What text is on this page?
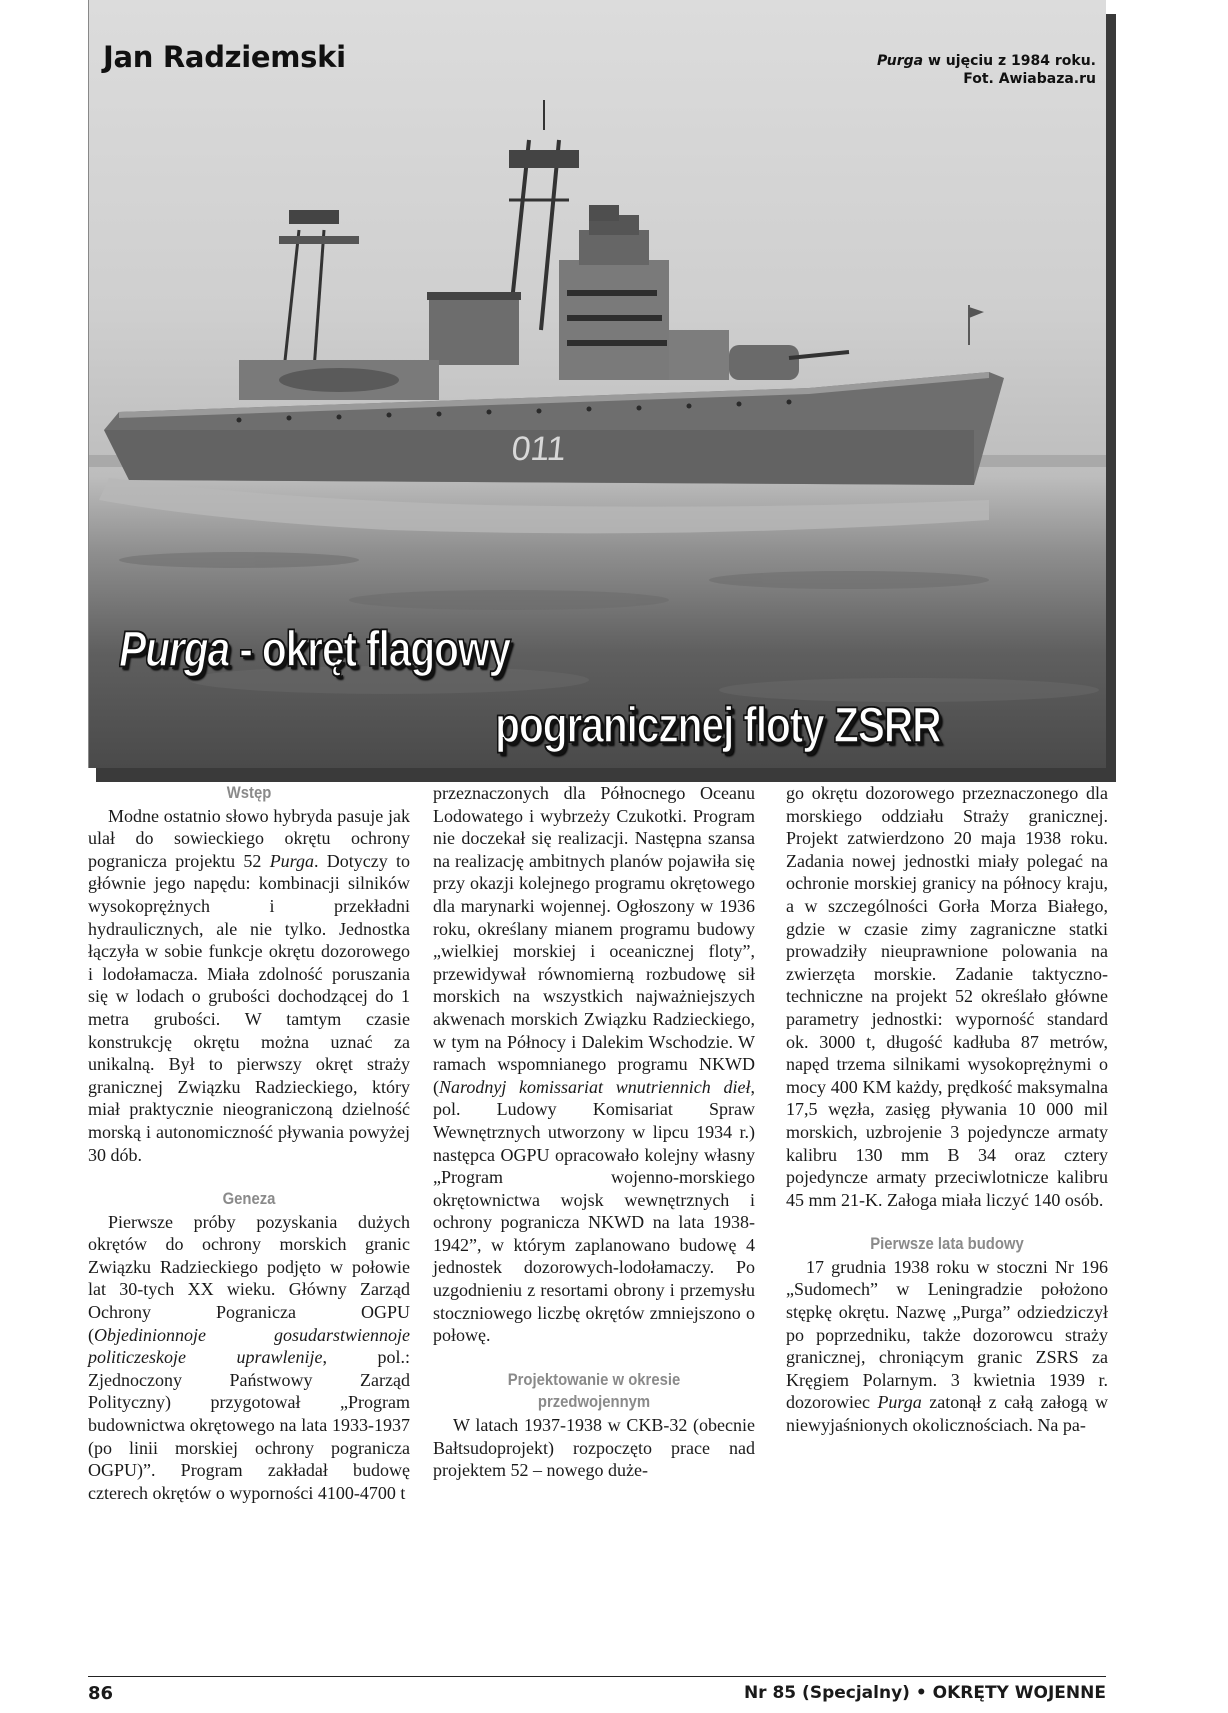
011
Jan Radziemski	Purga w ujęciu z 1984 roku.
Fot. Awiabaza.ru
Purga - okręt flagowy
pogranicznej floty ZSRR
Wstęp

Modne ostatnio słowo hybryda pasuje jak ulał do sowieckiego okrętu ochrony pogranicza projektu 52 Purga. Dotyczy to głównie jego napędu: kombinacji silników wysokoprężnych i przekładni hydraulicznych, ale nie tylko. Jednostka łączyła w sobie funkcje okrętu dozorowego i lodołamacza. Miała zdolność poruszania się w lodach o grubości dochodzącej do 1 metra grubości. W tamtym czasie konstrukcję okrętu można uznać za unikalną. Był to pierwszy okręt straży granicznej Związku Radzieckiego, który miał praktycznie nieograniczoną dzielność morską i autonomiczność pływania powyżej 30 dób.

Geneza

Pierwsze próby pozyskania dużych okrętów do ochrony morskich granic Związku Radzieckiego podjęto w połowie lat 30-tych XX wieku. Główny Zarząd Ochrony Pogranicza OGPU (Objedinionnoje gosudarstwiennoje politiczeskoje uprawlenije, pol.: Zjednoczony Państwowy Zarząd Polityczny) przygotował „Program budownictwa okrętowego na lata 1933-1937 (po linii morskiej ochrony pogranicza OGPU)”. Program zakładał budowę czterech okrętów o wyporności 4100-4700 t

przeznaczonych dla Północnego Oceanu Lodowatego i wybrzeży Czukotki. Program nie doczekał się realizacji. Następna szansa na realizację ambitnych planów pojawiła się przy okazji kolejnego programu okrętowego dla marynarki wojennej. Ogłoszony w 1936 roku, określany mianem programu budowy „wielkiej morskiej i oceanicznej floty”, przewidywał równomierną rozbudowę sił morskich na wszystkich najważniejszych akwenach morskich Związku Radzieckiego, w tym na Północy i Dalekim Wschodzie. W ramach wspomnianego programu NKWD (Narodnyj komissariat wnutriennich dieł, pol. Ludowy Komisariat Spraw Wewnętrznych utworzony w lipcu 1934 r.) następca OGPU opracowało kolejny własny „Program wojenno-morskiego okrętownictwa wojsk wewnętrznych i ochrony pogranicza NKWD na lata 1938-1942”, w którym zaplanowano budowę 4 jednostek dozorowych-lodołamaczy. Po uzgodnieniu z resortami obrony i przemysłu stoczniowego liczbę okrętów zmniejszono o połowę.

Projektowanie w okresie
przedwojennym

W latach 1937-1938 w CKB-32 (obecnie Bałtsudoprojekt) rozpoczęto prace nad projektem 52 – nowego duże-

go okrętu dozorowego przeznaczonego dla morskiego oddziału Straży granicznej. Projekt zatwierdzono 20 maja 1938 roku. Zadania nowej jednostki miały polegać na ochronie morskiej granicy na północy kraju, a w szczególności Gorła Morza Białego, gdzie w czasie zimy zagraniczne statki prowadziły nieuprawnione polowania na zwierzęta morskie. Zadanie taktyczno-techniczne na projekt 52 określało główne parametry jednostki: wyporność standard ok. 3000 t, długość kadłuba 87 metrów, napęd trzema silnikami wysokoprężnymi o mocy 400 KM każdy, prędkość maksymalna 17,5 węzła, zasięg pływania 10 000 mil morskich, uzbrojenie 3 pojedyncze armaty kalibru 130 mm B 34 oraz cztery pojedyncze armaty przeciwlotnicze kalibru 45 mm 21-K. Załoga miała liczyć 140 osób.

Pierwsze lata budowy

17 grudnia 1938 roku w stoczni Nr 196 „Sudomech” w Leningradzie położono stępkę okrętu. Nazwę „Purga” odziedziczył po poprzedniku, także dozorowcu straży granicznej, chroniącym granic ZSRS za Kręgiem Polarnym. 3 kwietnia 1939 r. dozorowiec Purga zatonął z całą załogą w niewyjaśnionych okolicznościach. Na pa-

86	Nr 85 (Specjalny) • OKRĘTY WOJENNE
